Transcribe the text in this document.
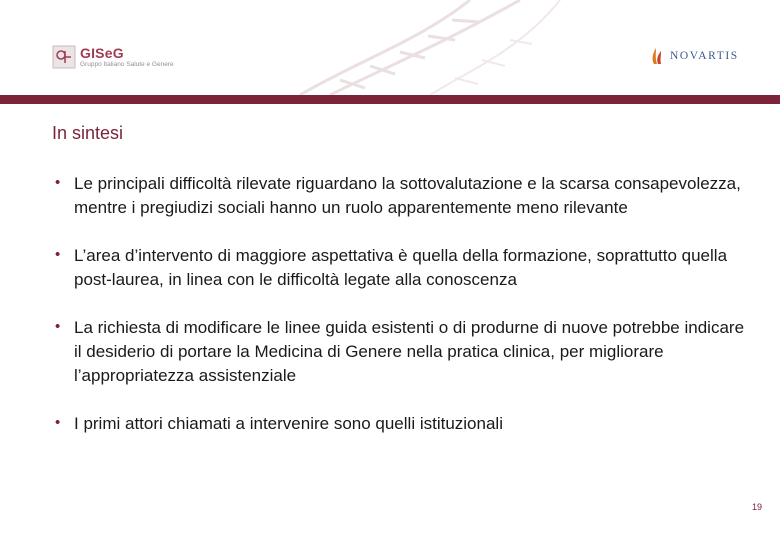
GISeG
Gruppo Italiano Salute e Genere
NOVARTIS
In sintesi
• Le principali difficoltà rilevate riguardano la sottovalutazione e la scarsa consapevolezza, mentre i pregiudizi sociali hanno un ruolo apparentemente meno rilevante
• L’area d’intervento di maggiore aspettativa è quella della formazione, soprattutto quella post-laurea, in linea con le difficoltà legate alla conoscenza
• La richiesta di modificare le linee guida esistenti o di produrne di nuove potrebbe indicare il desiderio di portare la Medicina di Genere nella pratica clinica, per migliorare l’appropriatezza assistenziale
• I primi attori chiamati a intervenire sono quelli istituzionali
19
